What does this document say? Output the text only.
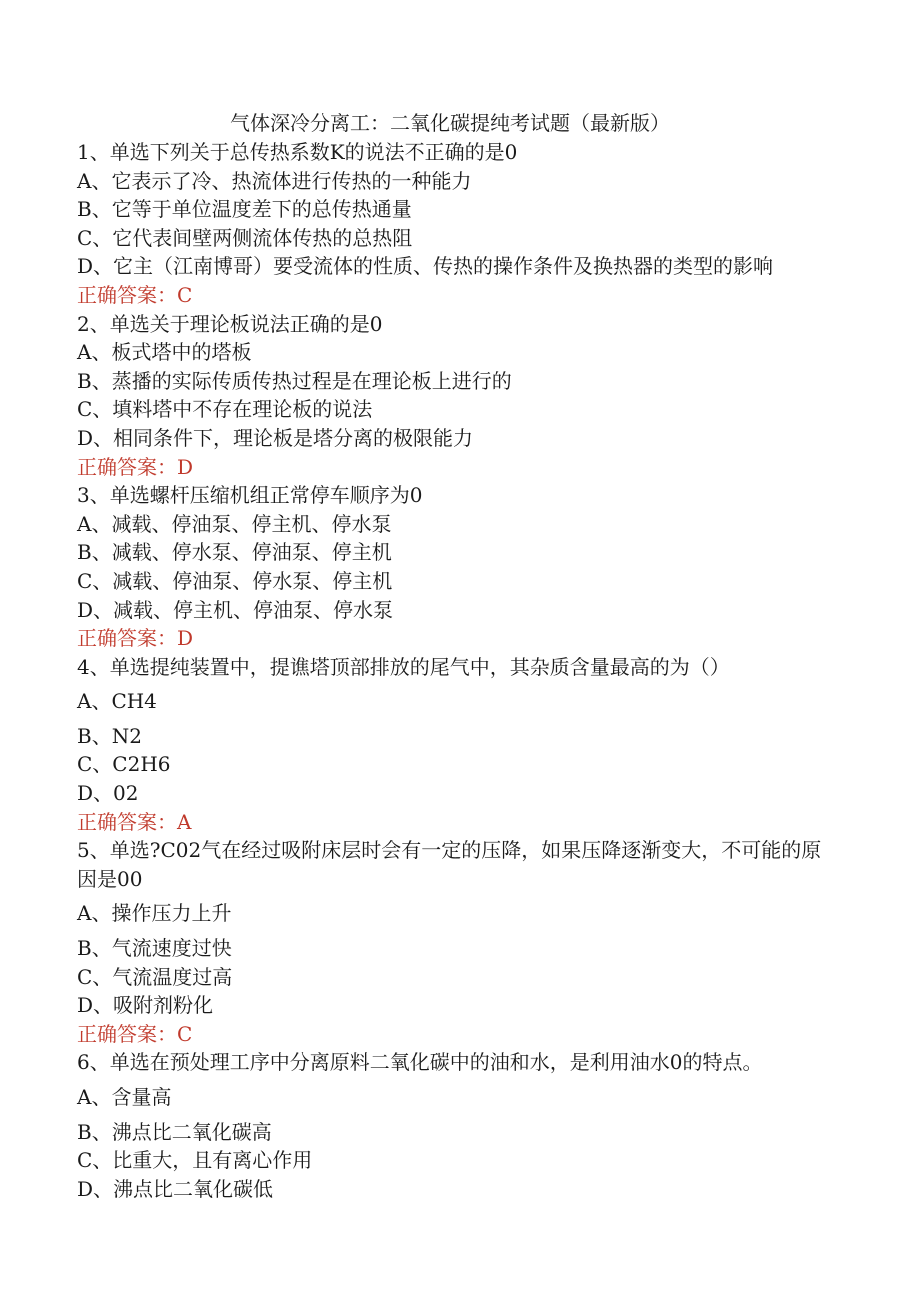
气体深冷分离工：二氧化碳提纯考试题（最新版）
1、单选下列关于总传热系数K的说法不正确的是0
A、它表示了冷、热流体进行传热的一种能力
B、它等于单位温度差下的总传热通量
C、它代表间壁两侧流体传热的总热阻
D、它主（江南博哥）要受流体的性质、传热的操作条件及换热器的类型的影响
正确答案：C
2、单选关于理论板说法正确的是0
A、板式塔中的塔板
B、蒸播的实际传质传热过程是在理论板上进行的
C、填料塔中不存在理论板的说法
D、相同条件下，理论板是塔分离的极限能力
正确答案：D
3、单选螺杆压缩机组正常停车顺序为0
A、减载、停油泵、停主机、停水泵
B、减载、停水泵、停油泵、停主机
C、减载、停油泵、停水泵、停主机
D、减载、停主机、停油泵、停水泵
正确答案：D
4、单选提纯装置中，提谯塔顶部排放的尾气中，其杂质含量最高的为（）
A、CH4
B、N2
C、C2H6
D、02
正确答案：A
5、单选?C02气在经过吸附床层时会有一定的压降，如果压降逐渐变大，不可能的原因是00
A、操作压力上升
B、气流速度过快
C、气流温度过高
D、吸附剂粉化
正确答案：C
6、单选在预处理工序中分离原料二氧化碳中的油和水，是利用油水0的特点。
A、含量高
B、沸点比二氧化碳高
C、比重大，且有离心作用
D、沸点比二氧化碳低
